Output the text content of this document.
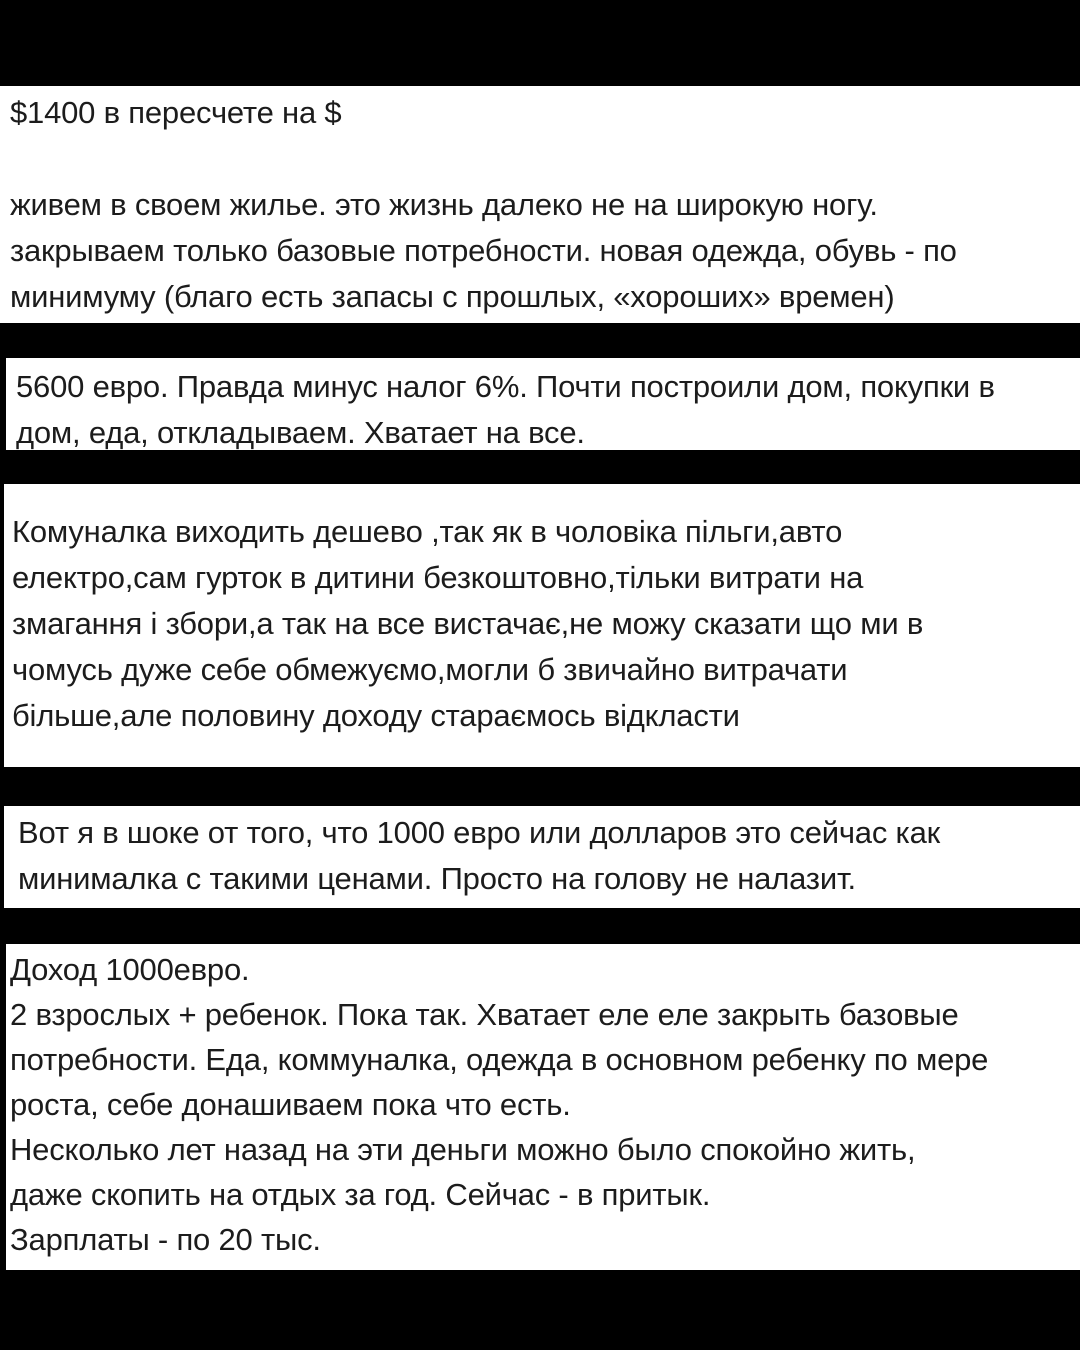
$1400 в пересчете на $

живем в своем жилье. это жизнь далеко не на широкую ногу.

закрываем только базовые потребности. новая одежда, обувь - по

минимуму (благо есть запасы с прошлых, «хороших» времен)

5600 евро. Правда минус налог 6%. Почти построили дом, покупки в

дом, еда, откладываем. Хватает на все.

Комуналка виходить дешево ,так як в чоловіка пільги,авто

електро,сам гурток в дитини безкоштовно,тільки витрати на

змагання і збори,а так на все вистачає,не можу сказати що ми в

чомусь дуже себе обмежуємо,могли б звичайно витрачати

більше,але половину доходу стараємось відкласти

Вот я в шоке от того, что 1000 евро или долларов это сейчас как

минималка с такими ценами. Просто на голову не налазит.

Доход 1000евро.

2 взрослых + ребенок. Пока так. Хватает еле еле закрыть базовые

потребности. Еда, коммуналка, одежда в основном ребенку по мере

роста, себе донашиваем пока что есть.

Несколько лет назад на эти деньги можно было спокойно жить,

даже скопить на отдых за год. Сейчас - в притык.

Зарплаты - по 20 тыс.
